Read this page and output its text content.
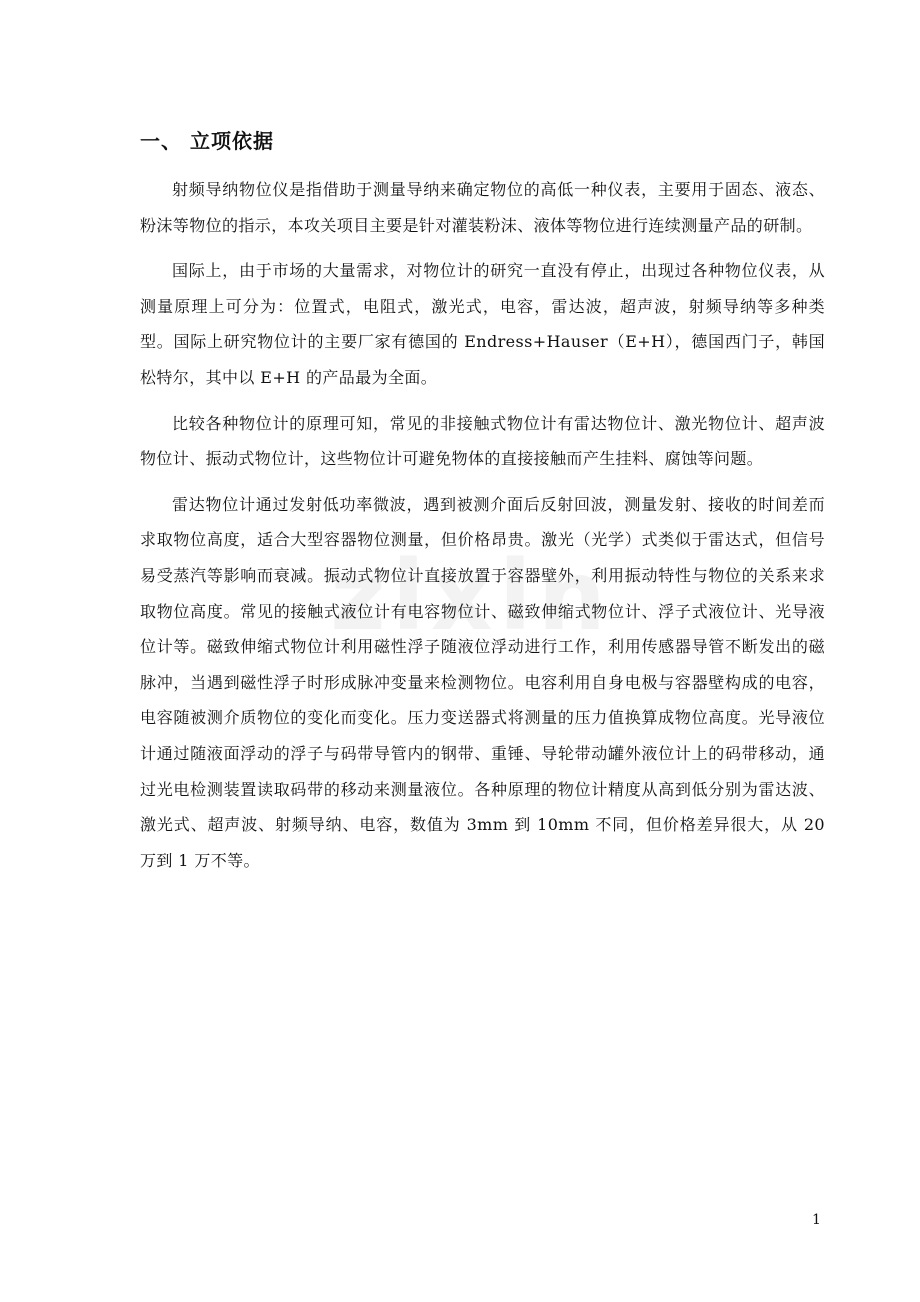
一、 立项依据

射频导纳物位仪是指借助于测量导纳来确定物位的高低一种仪表，主要用于固态、液态、粉沫等物位的指示，本攻关项目主要是针对灌装粉沫、液体等物位进行连续测量产品的研制。

国际上，由于市场的大量需求，对物位计的研究一直没有停止，出现过各种物位仪表，从测量原理上可分为：位置式，电阻式，激光式，电容，雷达波，超声波，射频导纳等多种类型。国际上研究物位计的主要厂家有德国的 Endress+Hauser（E+H），德国西门子，韩国松特尔，其中以 E+H 的产品最为全面。

比较各种物位计的原理可知，常见的非接触式物位计有雷达物位计、激光物位计、超声波物位计、振动式物位计，这些物位计可避免物体的直接接触而产生挂料、腐蚀等问题。

雷达物位计通过发射低功率微波，遇到被测介面后反射回波，测量发射、接收的时间差而求取物位高度，适合大型容器物位测量，但价格昂贵。激光（光学）式类似于雷达式，但信号易受蒸汽等影响而衰减。振动式物位计直接放置于容器壁外，利用振动特性与物位的关系来求取物位高度。常见的接触式液位计有电容物位计、磁致伸缩式物位计、浮子式液位计、光导液位计等。磁致伸缩式物位计利用磁性浮子随液位浮动进行工作，利用传感器导管不断发出的磁脉冲，当遇到磁性浮子时形成脉冲变量来检测物位。电容利用自身电极与容器壁构成的电容，电容随被测介质物位的变化而变化。压力变送器式将测量的压力值换算成物位高度。光导液位计通过随液面浮动的浮子与码带导管内的钢带、重锤、导轮带动罐外液位计上的码带移动，通过光电检测装置读取码带的移动来测量液位。各种原理的物位计精度从高到低分别为雷达波、激光式、超声波、射频导纳、电容，数值为 3mm 到 10mm 不同，但价格差异很大，从 20 万到 1 万不等。

1
